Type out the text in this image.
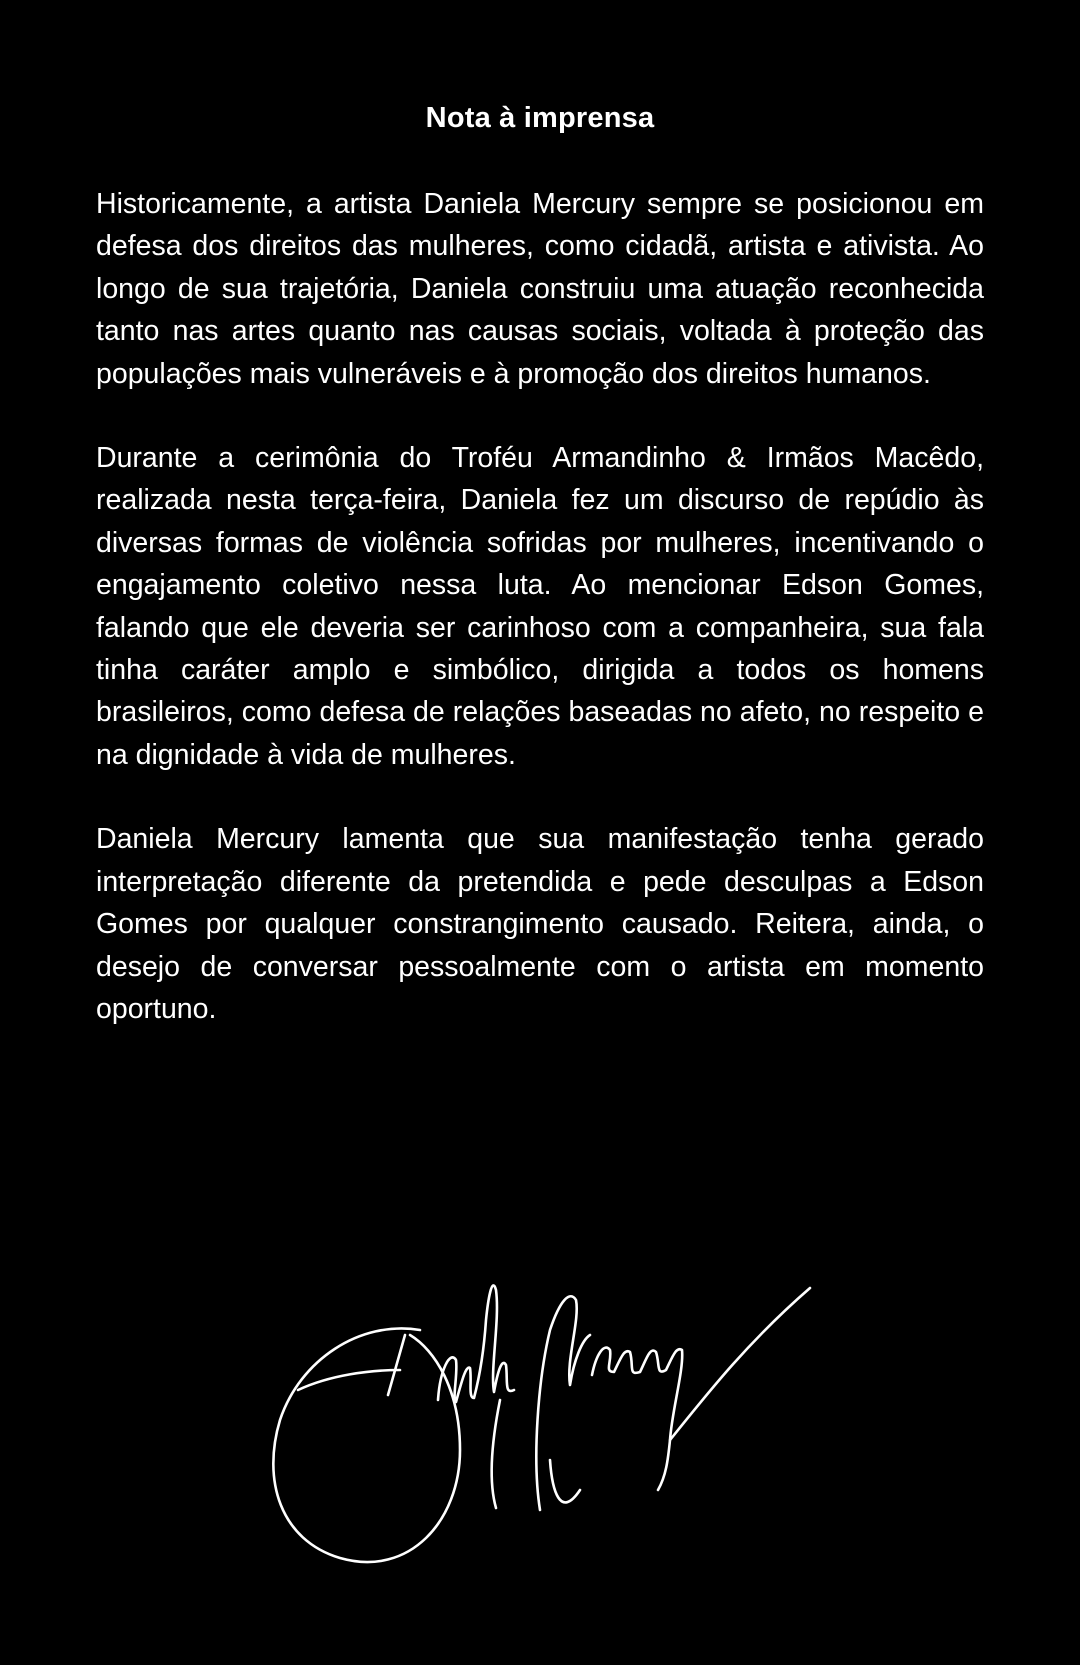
Nota à imprensa

Historicamente, a artista Daniela Mercury sempre se posicionou em defesa dos direitos das mulheres, como cidadã, artista e ativista. Ao longo de sua trajetória, Daniela construiu uma atuação reconhecida tanto nas artes quanto nas causas sociais, voltada à proteção das populações mais vulneráveis e à promoção dos direitos humanos.

Durante a cerimônia do Troféu Armandinho & Irmãos Macêdo, realizada nesta terça-feira, Daniela fez um discurso de repúdio às diversas formas de violência sofridas por mulheres, incentivando o engajamento coletivo nessa luta. Ao mencionar Edson Gomes, falando que ele deveria ser carinhoso com a companheira, sua fala tinha caráter amplo e simbólico, dirigida a todos os homens brasileiros, como defesa de relações baseadas no afeto, no respeito e na dignidade à vida de mulheres.

Daniela Mercury lamenta que sua manifestação tenha gerado interpretação diferente da pretendida e pede desculpas a Edson Gomes por qualquer constrangimento causado. Reitera, ainda, o desejo de conversar pessoalmente com o artista em momento oportuno.
